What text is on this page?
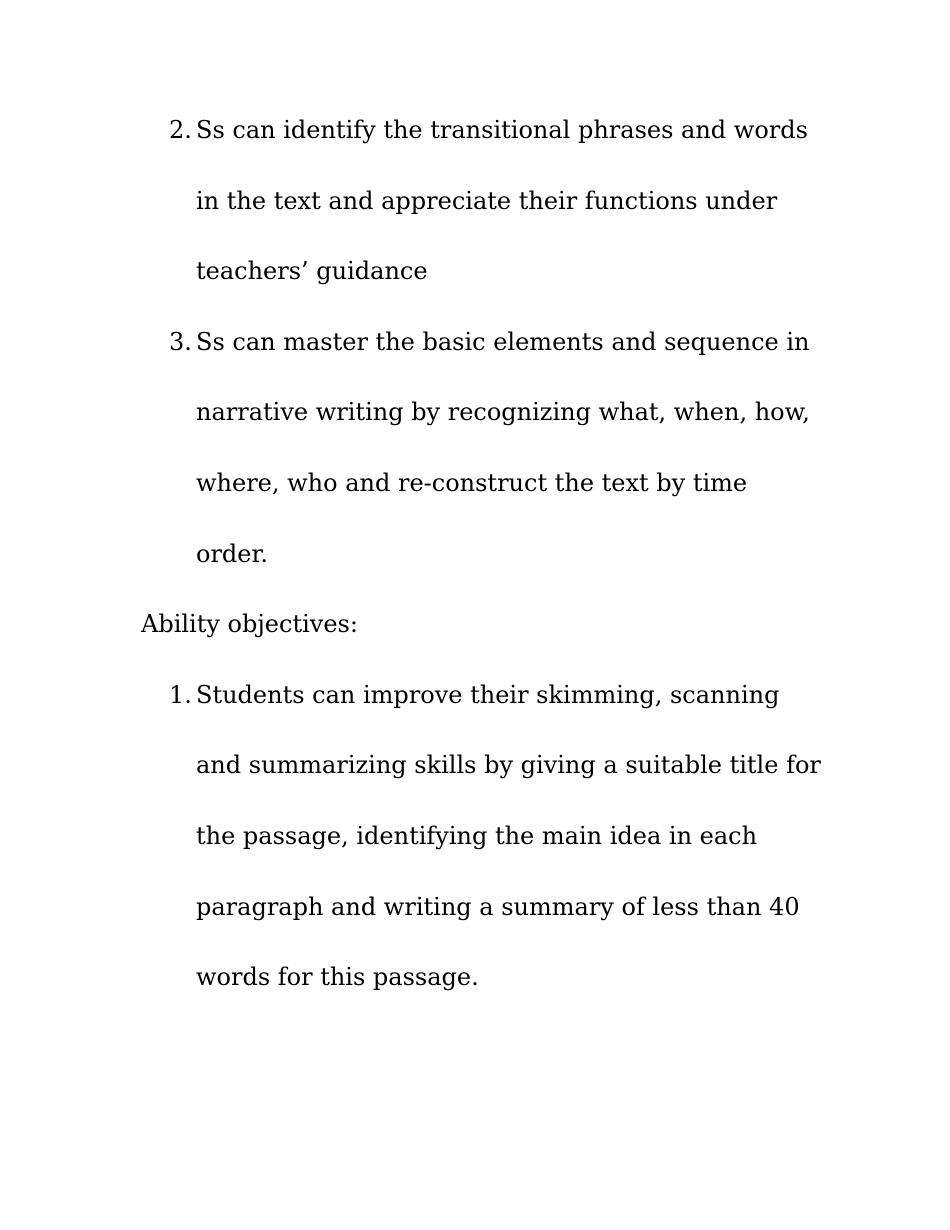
2. Ss can identify the transitional phrases and words
in the text and appreciate their functions under
teachers’ guidance
3. Ss can master the basic elements and sequence in
narrative writing by recognizing what, when, how,
where, who and re-construct the text by time
order.
Ability objectives:
1. Students can improve their skimming, scanning
and summarizing skills by giving a suitable title for
the passage, identifying the main idea in each
paragraph and writing a summary of less than 40
words for this passage.
